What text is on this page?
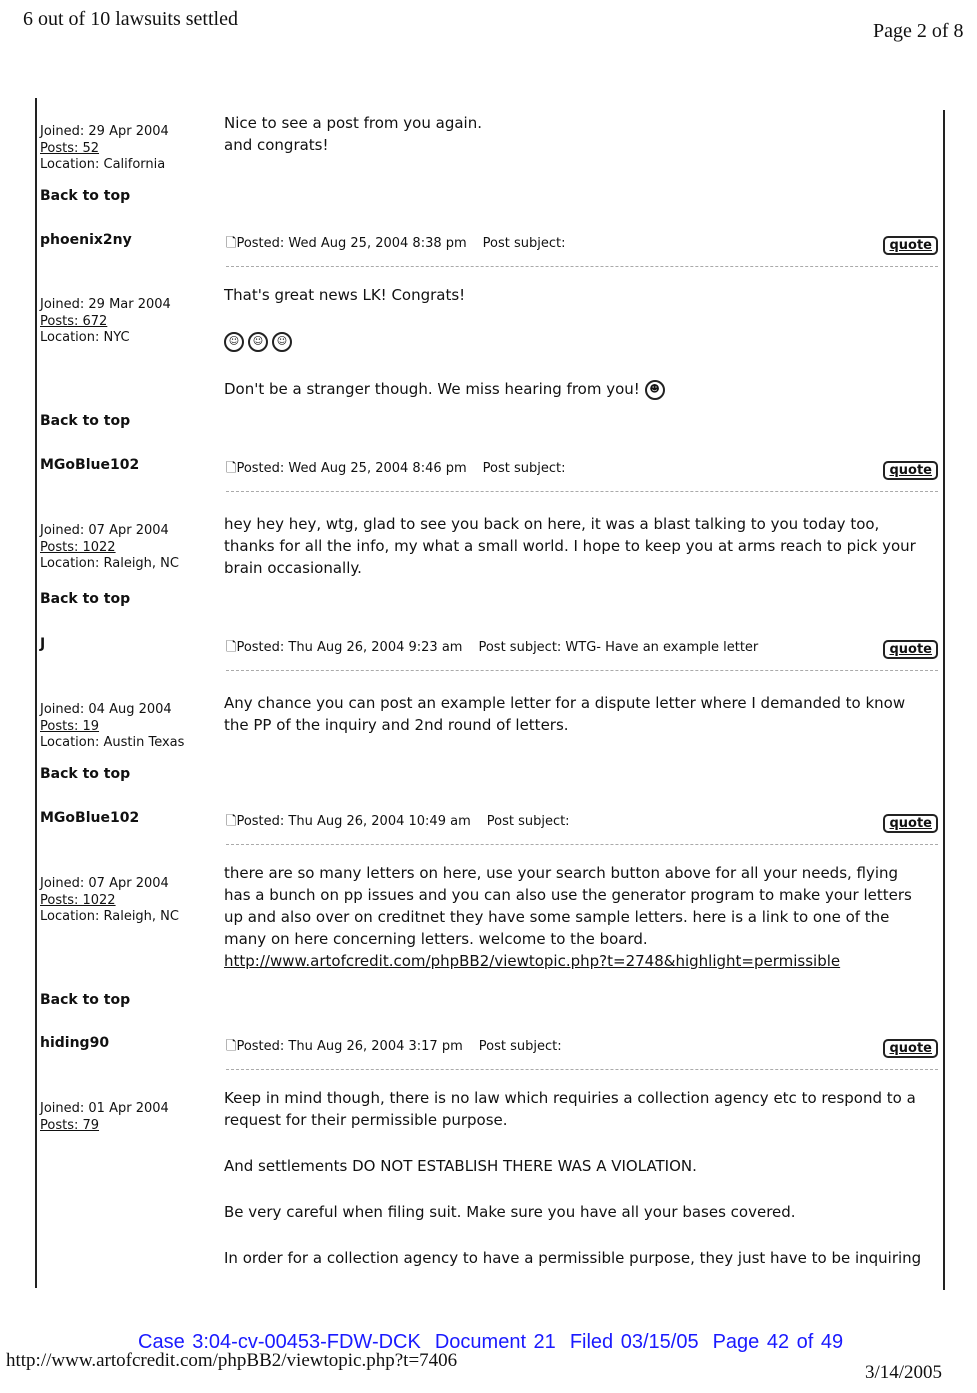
6 out of 10 lawsuits settled
Page 2 of 8
Joined: 29 Apr 2004
Posts: 52
Location: California
Back to top
Nice to see a post from you again.
and congrats!
phoenix2ny	🗋Posted: Wed Aug 25, 2004 8:38 pm Post subject:	quote
Joined: 29 Mar 2004
Posts: 672
Location: NYC
Back to top

That's great news LK! Congrats!

☺ ☺ ☺

Don't be a stranger though. We miss hearing from you! ☻

MGoBlue102	🗋Posted: Wed Aug 25, 2004 8:46 pm Post subject:	quote
Joined: 07 Apr 2004
Posts: 1022
Location: Raleigh, NC
Back to top

hey hey hey, wtg, glad to see you back on here, it was a blast talking to you today too, thanks for all the info, my what a small world. I hope to keep you at arms reach to pick your brain occasionally.

J	🗋Posted: Thu Aug 26, 2004 9:23 am Post subject: WTG- Have an example letter	quote
Joined: 04 Aug 2004
Posts: 19
Location: Austin Texas
Back to top

Any chance you can post an example letter for a dispute letter where I demanded to know the PP of the inquiry and 2nd round of letters.

MGoBlue102	🗋Posted: Thu Aug 26, 2004 10:49 am Post subject:	quote
Joined: 07 Apr 2004
Posts: 1022
Location: Raleigh, NC
Back to top
there are so many letters on here, use your search button above for all your needs, flying has a bunch on pp issues and you can also use the generator program to make your letters up and also over on creditnet they have some sample letters. here is a link to one of the many on here concerning letters. welcome to the board.
http://www.artofcredit.com/phpBB2/viewtopic.php?t=2748&highlight=permissible
hiding90	🗋Posted: Thu Aug 26, 2004 3:17 pm Post subject:	quote
Joined: 01 Apr 2004
Posts: 79

Keep in mind though, there is no law which requiries a collection agency etc to respond to a request for their permissible purpose.

And settlements DO NOT ESTABLISH THERE WAS A VIOLATION.

Be very careful when filing suit. Make sure you have all your bases covered.

In order for a collection agency to have a permissible purpose, they just have to be inquiring

Case 3:04-cv-00453-FDW-DCK Document 21 Filed 03/15/05 Page 42 of 49
http://www.artofcredit.com/phpBB2/viewtopic.php?t=7406
3/14/2005
